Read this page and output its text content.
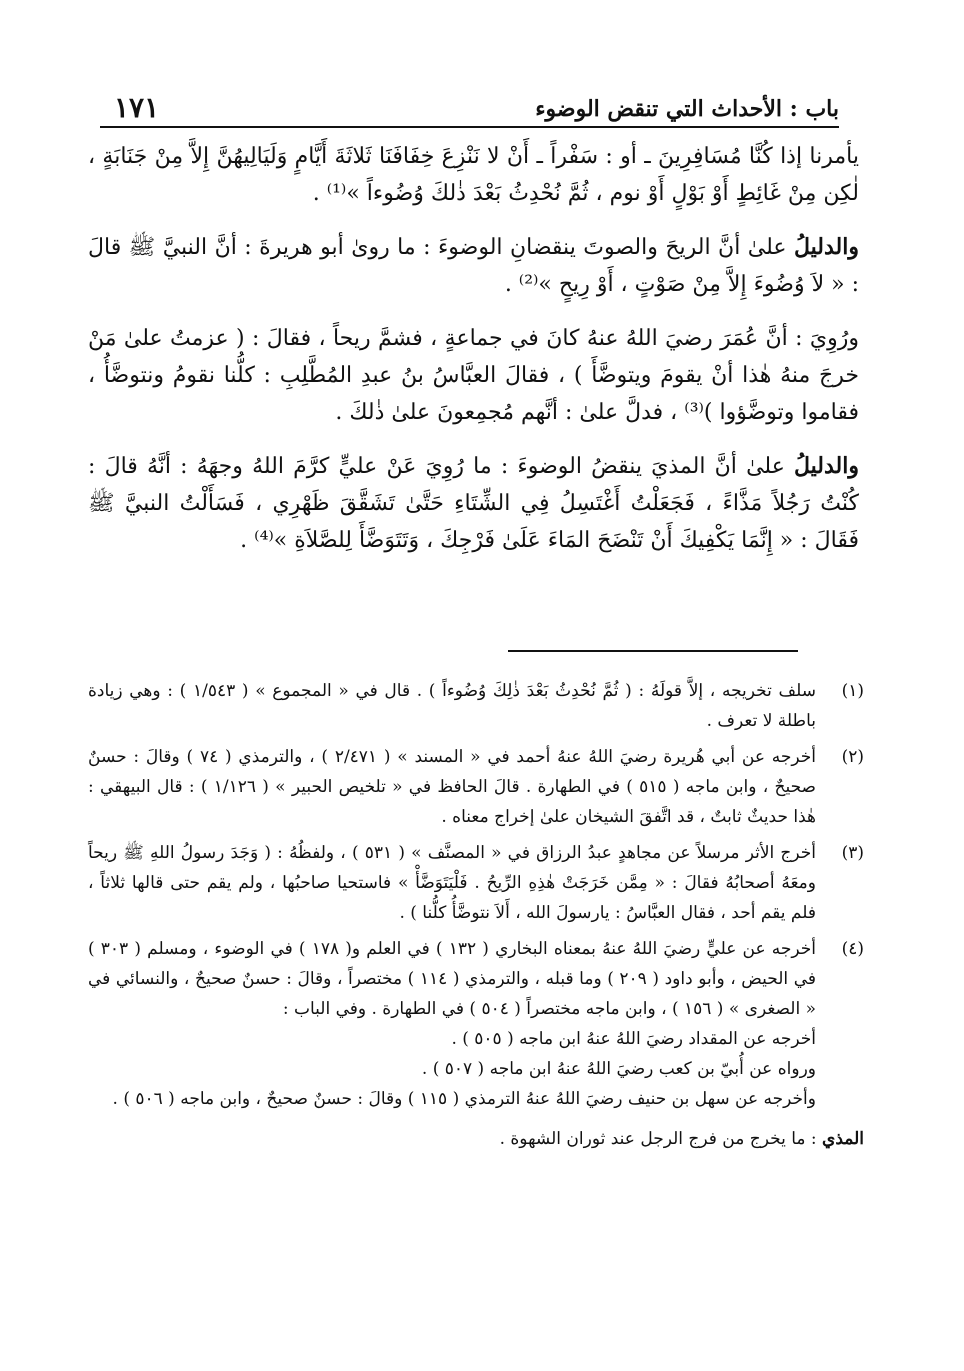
باب : الأحداث التي تنقض الوضوء
١٧١

يأمرنا إذا كُنَّا مُسَافِرِينَ ـ أو : سَفْراً ـ أَنْ لا نَنْزِعَ خِفَافَنَا ثَلاثَةَ أَيَّامٍ وَلَيَالِيهُنَّ إِلاَّ مِنْ جَنَابَةٍ ، لٰكِن مِنْ غَائِطٍ أَوْ بَوْلٍ أَوْ نوم ، ثُمَّ نُحْدِثُ بَعْدَ ذٰلكَ وُضُوءاً »⁽¹⁾ .

والدليلُ علىٰ أنَّ الريحَ والصوتَ ينقضانِ الوضوءَ : ما روىٰ أبو هريرةَ : أنَّ النبيَّ ﷺ قالَ : « لاَ وُضُوءَ إِلاَّ مِنْ صَوْتٍ ، أَوْ رِيحٍ »⁽²⁾ .

ورُوِيَ : أنَّ عُمَرَ رضيَ اللهُ عنهُ كانَ في جماعةٍ ، فشمَّ ريحاً ، فقالَ : ( عزمتُ علىٰ مَنْ خرجَ منهُ هٰذا أنْ يقومَ ويتوضَّأَ ) ، فقالَ العبَّاسُ بنُ عبدِ المُطَّلِبِ : كلُّنا نقومُ ونتوضَّأُ ، فقاموا وتوضَّؤوا )⁽³⁾ ، فدلَّ علىٰ : أنَّهم مُجمِعونَ علىٰ ذٰلكَ .

والدليلُ علىٰ أنَّ المذيَ ينقضُ الوضوءَ : ما رُوِيَ عَنْ عليٍّ كرَّمَ اللهُ وجهَهُ : أنَّهُ قالَ : كُنْتُ رَجُلاً مَذَّاءً ، فَجَعَلْتُ أَغْتَسِلُ فِي الشِّتَاءِ حَتَّىٰ تَشَقَّقَ ظَهْرِي ، فَسَأَلْتُ النبيَّ ﷺ فَقَالَ : « إِنَّمَا يَكْفِيكَ أَنْ تَنْضَحَ المَاءَ عَلَىٰ فَرْجِكَ ، وَتَتَوَضَّأَ لِلصَّلاَةِ »⁽⁴⁾ .

(١)
سلف تخريجه ، إلاَّ قولَهُ : ( ثُمَّ نُحْدِثُ بَعْدَ ذٰلِكَ وُضُوءاً ) . قال في « المجموع » ( ١/٥٤٣ ) : وهي زيادة باطلة لا تعرف .
(٢)
أخرجه عن أبي هُريرة رضيَ اللهُ عنهُ أحمد في « المسند » ( ٢/٤٧١ ) ، والترمذي ( ٧٤ ) وقالَ : حسنٌ صحيحٌ ، وابن ماجه ( ٥١٥ ) في الطهارة . قالَ الحافظ في « تلخيص الحبير » ( ١/١٢٦ ) : قال البيهقي : هٰذا حديثٌ ثابتٌ ، قد اتَّفقَ الشيخان علىٰ إخراج معناه .
(٣)
أخرج الأثر مرسلاً عن مجاهدٍ عبدُ الرزاق في « المصنَّف » ( ٥٣١ ) ، ولفظُهُ : ( وَجَدَ رسولُ اللهِ ﷺ ريحاً ومعَهُ أصحابُهُ فقالَ : « مِمَّن خَرَجَتْ هٰذِهِ الرِّيحُ . فَلْيَتَوَضَّأْ » فاستحيا صاحبُها ، ولم يقم حتى قالها ثلاثاً ، فلم يقم أحد ، فقال العبَّاسُ : يارسولَ الله ، أَلاَ نتوضَّأُ كلُّنا ) .
(٤)
أخرجه عن عليٍّ رضيَ اللهُ عنهُ بمعناه البخاري ( ١٣٢ ) في العلم و( ١٧٨ ) في الوضوء ، ومسلم ( ٣٠٣ ) في الحيض ، وأبو داود ( ٢٠٩ ) وما قبله ، والترمذي ( ١١٤ ) مختصراً ، وقالَ : حسنٌ صحيحٌ ، والنسائي في « الصغرى » ( ١٥٦ ) ، وابن ماجه مختصراً ( ٥٠٤ ) في الطهارة . وفي الباب :
أخرجه عن المقداد رضيَ اللهُ عنهُ ابن ماجه ( ٥٠٥ ) .
ورواه عن أُبيّ بن كعب رضيَ اللهُ عنهُ ابن ماجه ( ٥٠٧ ) .
وأخرجه عن سهل بن حنيف رضيَ اللهُ عنهُ الترمذي ( ١١٥ ) وقالَ : حسنٌ صحيحٌ ، وابن ماجه ( ٥٠٦ ) .
المذي : ما يخرج من فرج الرجل عند ثوران الشهوة .
